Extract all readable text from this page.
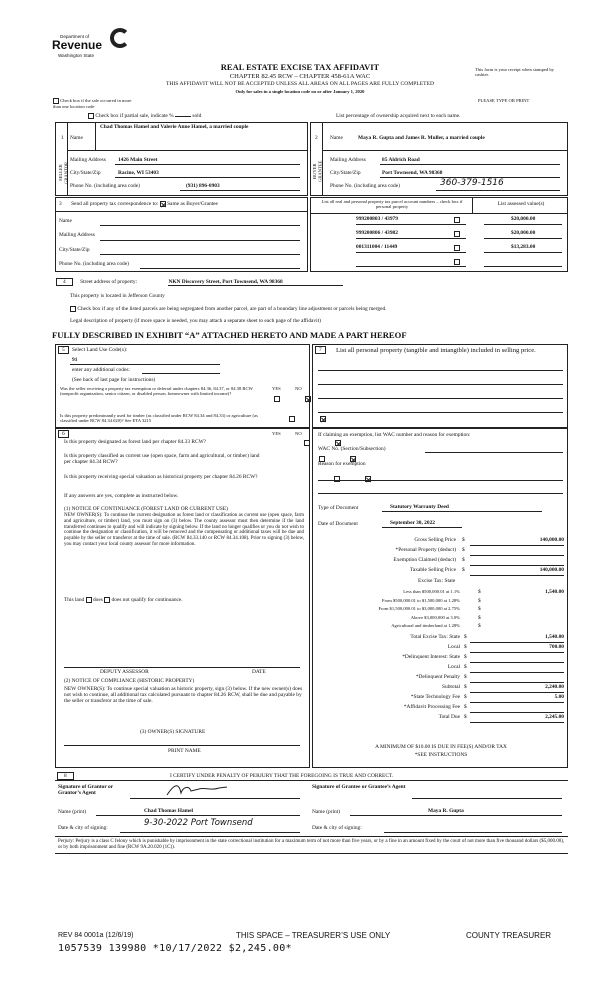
Department of
Revenue
Washington State
REAL ESTATE EXCISE TAX AFFIDAVIT
CHAPTER 82.45 RCW – CHAPTER 458-61A WAC
THIS AFFIDAVIT WILL NOT BE ACCEPTED UNLESS ALL AREAS ON ALL PAGES ARE FULLY COMPLETED
Only for sales in a single location code on or after January 1, 2020
This form is your receipt when stamped by cashier.
PLEASE TYPE OR PRINT
Check box if the sale occurred in more than one location code
Check box if partial sale, indicate %	sold	List percentage of ownership acquired next to each name.
1
SELLER GRANTOR
Name
Chad Thomas Hamel and Valerie Anne Hamel, a married couple
Mailing Address 1426 Main Street
City/State/Zip	Racine, WI 53403
Phone No. (including area code)	(931) 896-0903
2
BUYER GRANTEE
Name	Maya R. Gupta and James R. Muller, a married couple
Mailing Address	85 Aldrich Road
City/State/Zip	Port Townsend, WA 98368
Phone No. (including area code)	360-379-1516
3 Send all property tax correspondence to: Same as Buyer/Grantee
Name
Mailing Address
City/State/Zip
Phone No. (including area code)
List all real and personal property tax parcel account numbers – check box if personal property	List assessed value(s)
999200803 / 43979	$20,000.00
999200806 / 43982	$20,000.00
001311004 / 11449	$13,283.00
4	Street address of property:	NKN Discovery Street, Port Townsend, WA 98368
This property is located in Jefferson County
Check box if any of the listed parcels are being segregated from another parcel, are part of a boundary line adjustment or parcels being merged.
Legal description of property (if more space is needed, you may attach a separate sheet to each page of the affidavit)
FULLY DESCRIBED IN EXHIBIT “A” ATTACHED HERETO AND MADE A PART HEREOF
5	Select Land Use Code(s):
91
enter any additional codes:
(See back of last page for instructions)
YES	NO
Was the seller receiving a property tax exemption or deferral under chapters 84.36, 84.37, or 84.38 RCW (nonprofit organization, senior citizen, or disabled person, homeowner with limited income)?

Is this property predominantly used for timber (as classified under RCW 84.34 and 84.33) or agriculture (as classified under RCW 84.34.020)? See ETA 3215

7	List all personal property (tangible and intangible) included in selling price.
6	YES	NO
Is this property designated as forest land per chapter 84.33 RCW?

Is this property classified as current use (open space, farm and agricultural, or timber) land per chapter 84.34 RCW?

Is this property receiving special valuation as historical property per chapter 84.26 RCW?

If any answers are yes, complete as instructed below.
(1) NOTICE OF CONTINUANCE (FOREST LAND OR CURRENT USE)
NEW OWNER(S): To continue the current designation as forest land or classification as current use (open space, farm and agriculture, or timber) land, you must sign on (3) below. The county assessor must then determine if the land transferred continues to qualify and will indicate by signing below. If the land no longer qualifies or you do not wish to continue the designation or classification, it will be removed and the compensating or additional taxes will be due and payable by the seller or transferor at the time of sale. (RCW 84.33.140 or RCW 84.34.108). Prior to signing (3) below, you may contact your local county assessor for more information.
This land does does not qualify for continuance.
DEPUTY ASSESSOR	DATE
(2) NOTICE OF COMPLIANCE (HISTORIC PROPERTY)
NEW OWNER(S): To continue special valuation as historic property, sign (3) below. If the new owner(s) does not wish to continue, all additional tax calculated pursuant to chapter 84.26 RCW, shall be due and payable by the seller or transferor at the time of sale.
(3) OWNER(S) SIGNATURE
PRINT NAME
If claiming an exemption, list WAC number and reason for exemption:
WAC No. (Section/Subsection)
Reason for exemption
Type of Document	Statutory Warranty Deed
Date of Document	September 30, 2022
Gross Selling Price $	140,000.00
*Personal Property (deduct) $
Exemption Claimed (deduct) $
Taxable Selling Price $	140,000.00
Excise Tax: State
Less than $500,000.01 at 1.1%	$	1,540.00
From $500,000.01 to $1,500,000 at 1.28%	$
From $1,500,000.01 to $3,000,000 at 2.75%	$
Above $3,000,000 at 3.0%	$
Agricultural and timberland at 1.28%	$
Total Excise Tax: State $	1,540.00
Local $	700.00
*Delinquent Interest: State $
Local $
*Delinquent Penalty $
Subtotal $	2,240.00
*State Technology Fee $	5.00
*Affidavit Processing Fee $
Total Due $	2,245.00
A MINIMUM OF $10.00 IS DUE IN FEE(S) AND/OR TAX
*SEE INSTRUCTIONS
8	I CERTIFY UNDER PENALTY OF PERJURY THAT THE FOREGOING IS TRUE AND CORRECT.
Signature of Grantor or Grantor’s Agent
Signature of Grantee or Grantee’s Agent
Name (print)	Chad Thomas Hamel	Name (print)	Maya R. Gupta
Date & city of signing:	9-30-2022 Port Townsend	Date & city of signing:
Perjury: Perjury is a class C felony which is punishable by imprisonment in the state correctional institution for a maximum term of not more than five years, or by a fine in an amount fixed by the court of not more than five thousand dollars ($5,000.00), or by both imprisonment and fine (RCW 9A.20.020 (1C)).
REV 84 0001a (12/6/19)	THIS SPACE – TREASURER’S USE ONLY	COUNTY TREASURER
1057539 139980 *10/17/2022 $2,245.00*
